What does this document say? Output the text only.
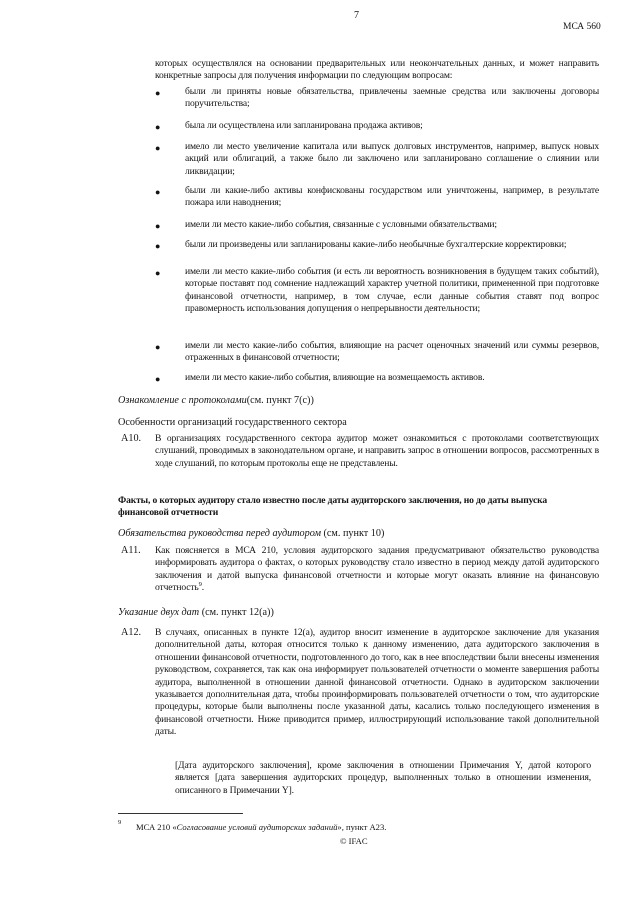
7
МСА 560
которых осуществлялся на основании предварительных или неокончательных данных, и может направить конкретные запросы для получения информации по следующим вопросам:
●	были ли приняты новые обязательства, привлечены заемные средства или заключены договоры поручительства;
●	была ли осуществлена или запланирована продажа активов;
●	имело ли место увеличение капитала или выпуск долговых инструментов, например, выпуск новых акций или облигаций, а также было ли заключено или запланировано соглашение о слиянии или ликвидации;
●	были ли какие-либо активы конфискованы государством или уничтожены, например, в результате пожара или наводнения;
●	имели ли место какие-либо события, связанные с условными обязательствами;
●	были ли произведены или запланированы какие-либо необычные бухгалтерские корректировки;
●	имели ли место какие-либо события (и есть ли вероятность возникновения в будущем таких событий), которые поставят под сомнение надлежащий характер учетной политики, примененной при подготовке финансовой отчетности, например, в том случае, если данные события ставят под вопрос правомерность использования допущения о непрерывности деятельности;
●	имели ли место какие-либо события, влияющие на расчет оценочных значений или суммы резервов, отраженных в финансовой отчетности;
●	имели ли место какие-либо события, влияющие на возмещаемость активов.
Ознакомление с протоколами(см. пункт 7(c))
Особенности организаций государственного сектора
A10. В организациях государственного сектора аудитор может ознакомиться с протоколами соответствующих слушаний, проводимых в законодательном органе, и направить запрос в отношении вопросов, рассмотренных в ходе слушаний, по которым протоколы еще не представлены.
Факты, о которых аудитору стало известно после даты аудиторского заключения, но до даты выпуска финансовой отчетности
Обязательства руководства перед аудитором (см. пункт 10)
A11. Как поясняется в МСА 210, условия аудиторского задания предусматривают обязательство руководства информировать аудитора о фактах, о которых руководству стало известно в период между датой аудиторского заключения и датой выпуска финансовой отчетности и которые могут оказать влияние на финансовую отчетность$^9$.
Указание двух дат (см. пункт 12(a))
A12. В случаях, описанных в пункте 12(a), аудитор вносит изменение в аудиторское заключение для указания дополнительной даты, которая относится только к данному изменению, дата аудиторского заключения в отношении финансовой отчетности, подготовленного до того, как в нее впоследствии были внесены изменения руководством, сохраняется, так как она информирует пользователей отчетности о моменте завершения работы аудитора, выполненной в отношении данной финансовой отчетности. Однако в аудиторском заключении указывается дополнительная дата, чтобы проинформировать пользователей отчетности о том, что аудиторские процедуры, которые были выполнены после указанной даты, касались только последующего изменения в финансовой отчетности. Ниже приводится пример, иллюстрирующий использование такой дополнительной даты.
[Дата аудиторского заключения], кроме заключения в отношении Примечания Y, датой которого является [дата завершения аудиторских процедур, выполненных только в отношении изменения, описанного в Примечании Y].
9 МСА 210 «Согласование условий аудиторских заданий», пункт A23.
© IFAC
